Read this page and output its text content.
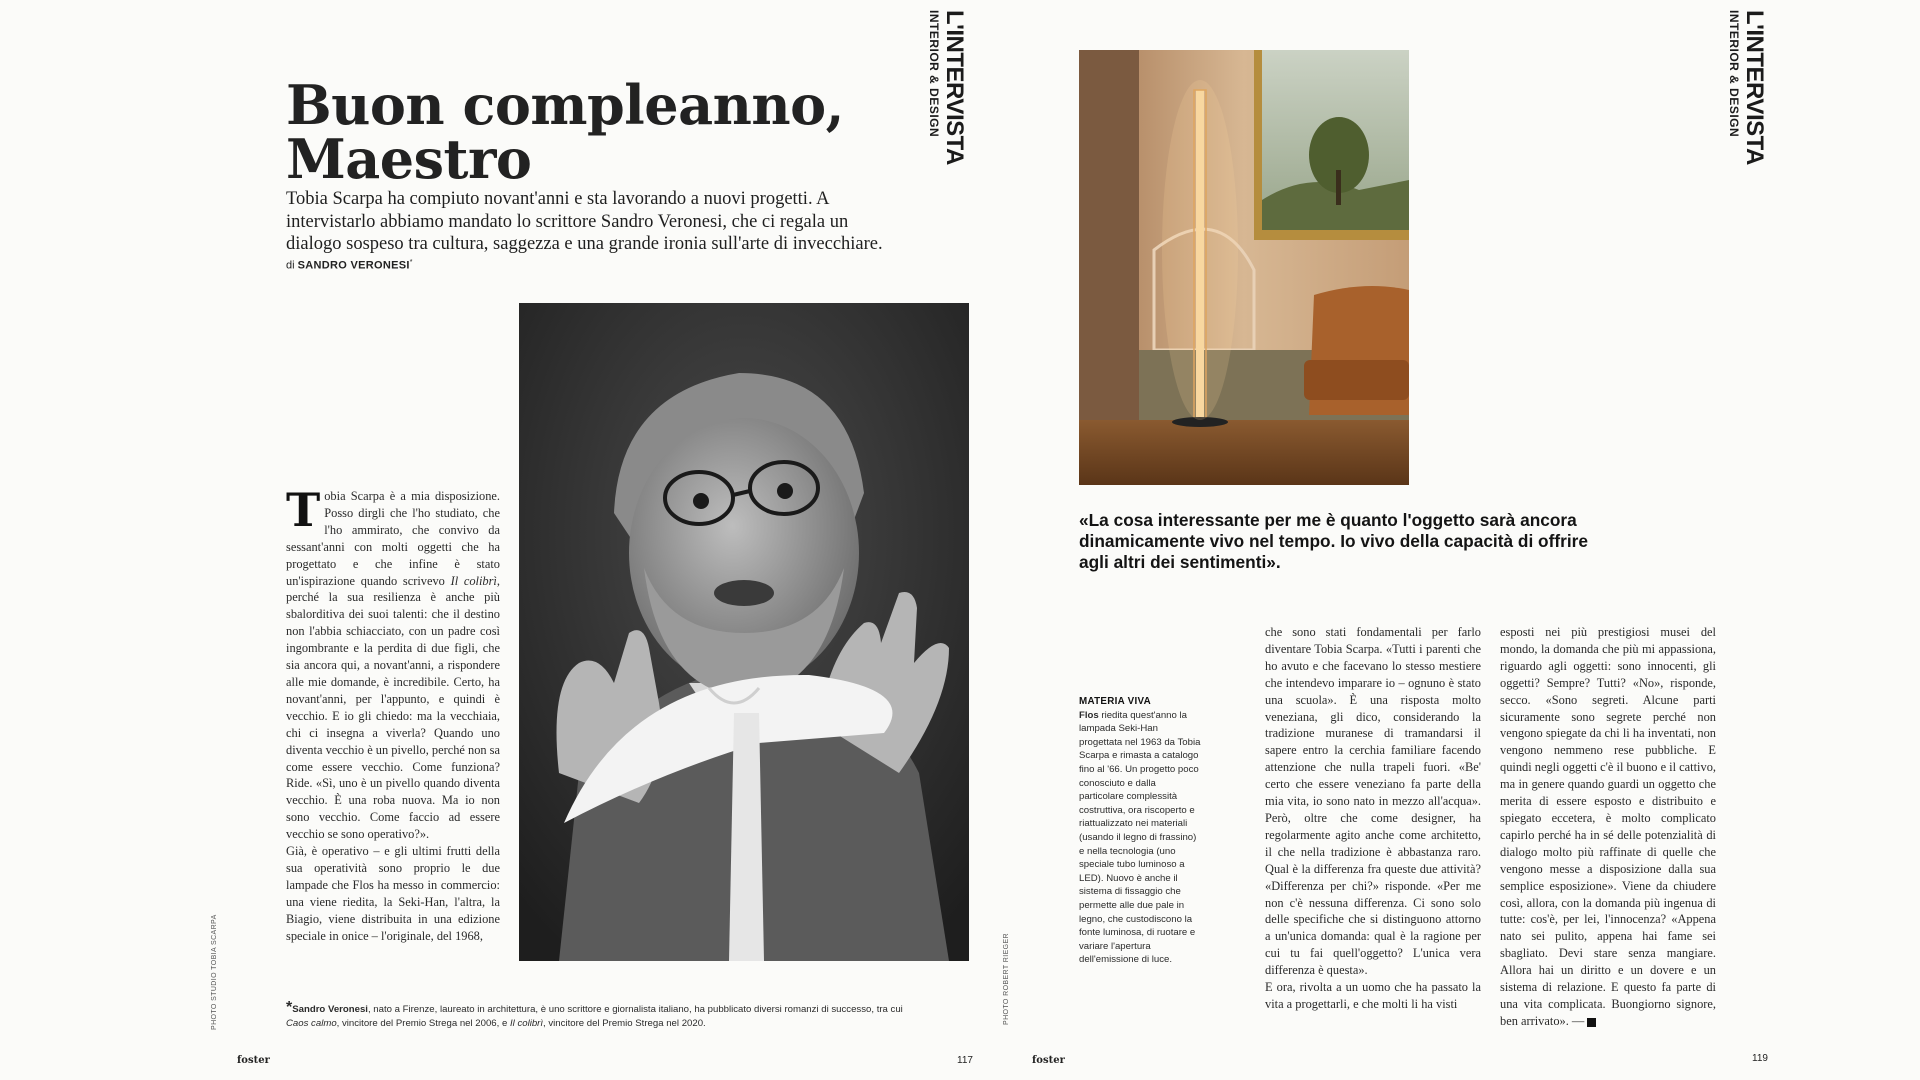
L'INTERVISTA
INTERIOR & DESIGN
Buon compleanno,
Maestro

Tobia Scarpa ha compiuto novant'anni e sta lavorando a nuovi progetti. A intervistarlo abbiamo mandato lo scrittore Sandro Veronesi, che ci regala un dialogo sospeso tra cultura, saggezza e una grande ironia sull'arte di invecchiare.

di SANDRO VERONESI*
PHOTO STUDIO TOBIA SCARPA
Tobia Scarpa è a mia disposizione. Posso dirgli che l'ho studiato, che l'ho ammirato, che convivo da sessant'anni con molti oggetti che ha progettato e che infine è stato un'ispirazione quando scrivevo Il colibrì, perché la sua resilienza è anche più sbalorditiva dei suoi talenti: che il destino non l'abbia schiacciato, con un padre così ingombrante e la perdita di due figli, che sia ancora qui, a novant'anni, a rispondere alle mie domande, è incredibile. Certo, ha novant'anni, per l'appunto, e quindi è vecchio. E io gli chiedo: ma la vecchiaia, chi ci insegna a viverla? Quando uno diventa vecchio è un pivello, perché non sa come essere vecchio. Come funziona? Ride. «Sì, uno è un pivello quando diventa vecchio. È una roba nuova. Ma io non sono vecchio. Come faccio ad essere vecchio se sono operativo?».
Già, è operativo – e gli ultimi frutti della sua operatività sono proprio le due lampade che Flos ha messo in commercio: una viene riedita, la Seki-Han, l'altra, la Biagio, viene distribuita in una edizione speciale in onice – l'originale, del 1968,
*Sandro Veronesi, nato a Firenze, laureato in architettura, è uno scrittore e giornalista italiano, ha pubblicato diversi romanzi di successo, tra cui Caos calmo, vincitore del Premio Strega nel 2006, e Il colibrì, vincitore del Premio Strega nel 2020.
foster	117
L'INTERVISTA
INTERIOR & DESIGN
PHOTO ROBERT RIEGER

«La cosa interessante per me è quanto l'oggetto sarà ancora dinamicamente vivo nel tempo. Io vivo della capacità di offrire agli altri dei sentimenti».

MATERIA VIVA
Flos riedita quest'anno la lampada Seki-Han progettata nel 1963 da Tobia Scarpa e rimasta a catalogo fino al '66. Un progetto poco conosciuto e dalla particolare complessità costruttiva, ora riscoperto e riattualizzato nei materiali (usando il legno di frassino) e nella tecnologia (uno speciale tubo luminoso a LED). Nuovo è anche il sistema di fissaggio che permette alle due pale in legno, che custodiscono la fonte luminosa, di ruotare e variare l'apertura dell'emissione di luce.
che sono stati fondamentali per farlo diventare Tobia Scarpa. «Tutti i parenti che ho avuto e che facevano lo stesso mestiere che intendevo imparare io – ognuno è stato una scuola». È una risposta molto veneziana, gli dico, considerando la tradizione muranese di tramandarsi il sapere entro la cerchia familiare facendo attenzione che nulla trapeli fuori. «Be' certo che essere veneziano fa parte della mia vita, io sono nato in mezzo all'acqua». Però, oltre che come designer, ha regolarmente agito anche come architetto, il che nella tradizione è abbastanza raro. Qual è la differenza fra queste due attività? «Differenza per chi?» risponde. «Per me non c'è nessuna differenza. Ci sono solo delle specifiche che si distinguono attorno a un'unica domanda: qual è la ragione per cui tu fai quell'oggetto? L'unica vera differenza è questa».
E ora, rivolta a un uomo che ha passato la vita a progettarli, e che molti li ha visti
esposti nei più prestigiosi musei del mondo, la domanda che più mi appassiona, riguardo agli oggetti: sono innocenti, gli oggetti? Sempre? Tutti? «No», risponde, secco. «Sono segreti. Alcune parti sicuramente sono segrete perché non vengono spiegate da chi li ha inventati, non vengono nemmeno rese pubbliche. E quindi negli oggetti c'è il buono e il cattivo, ma in genere quando guardi un oggetto che merita di essere esposto e distribuito e spiegato eccetera, è molto complicato capirlo perché ha in sé delle potenzialità di dialogo molto più raffinate di quelle che vengono messe a disposizione dalla sua semplice esposizione». Viene da chiudere così, allora, con la domanda più ingenua di tutte: cos'è, per lei, l'innocenza? «Appena nato sei pulito, appena hai fame sei sbagliato. Devi stare senza mangiare. Allora hai un diritto e un dovere e un sistema di relazione. E questo fa parte di una vita complicata. Buongiorno signore, ben arrivato». —
foster	119
